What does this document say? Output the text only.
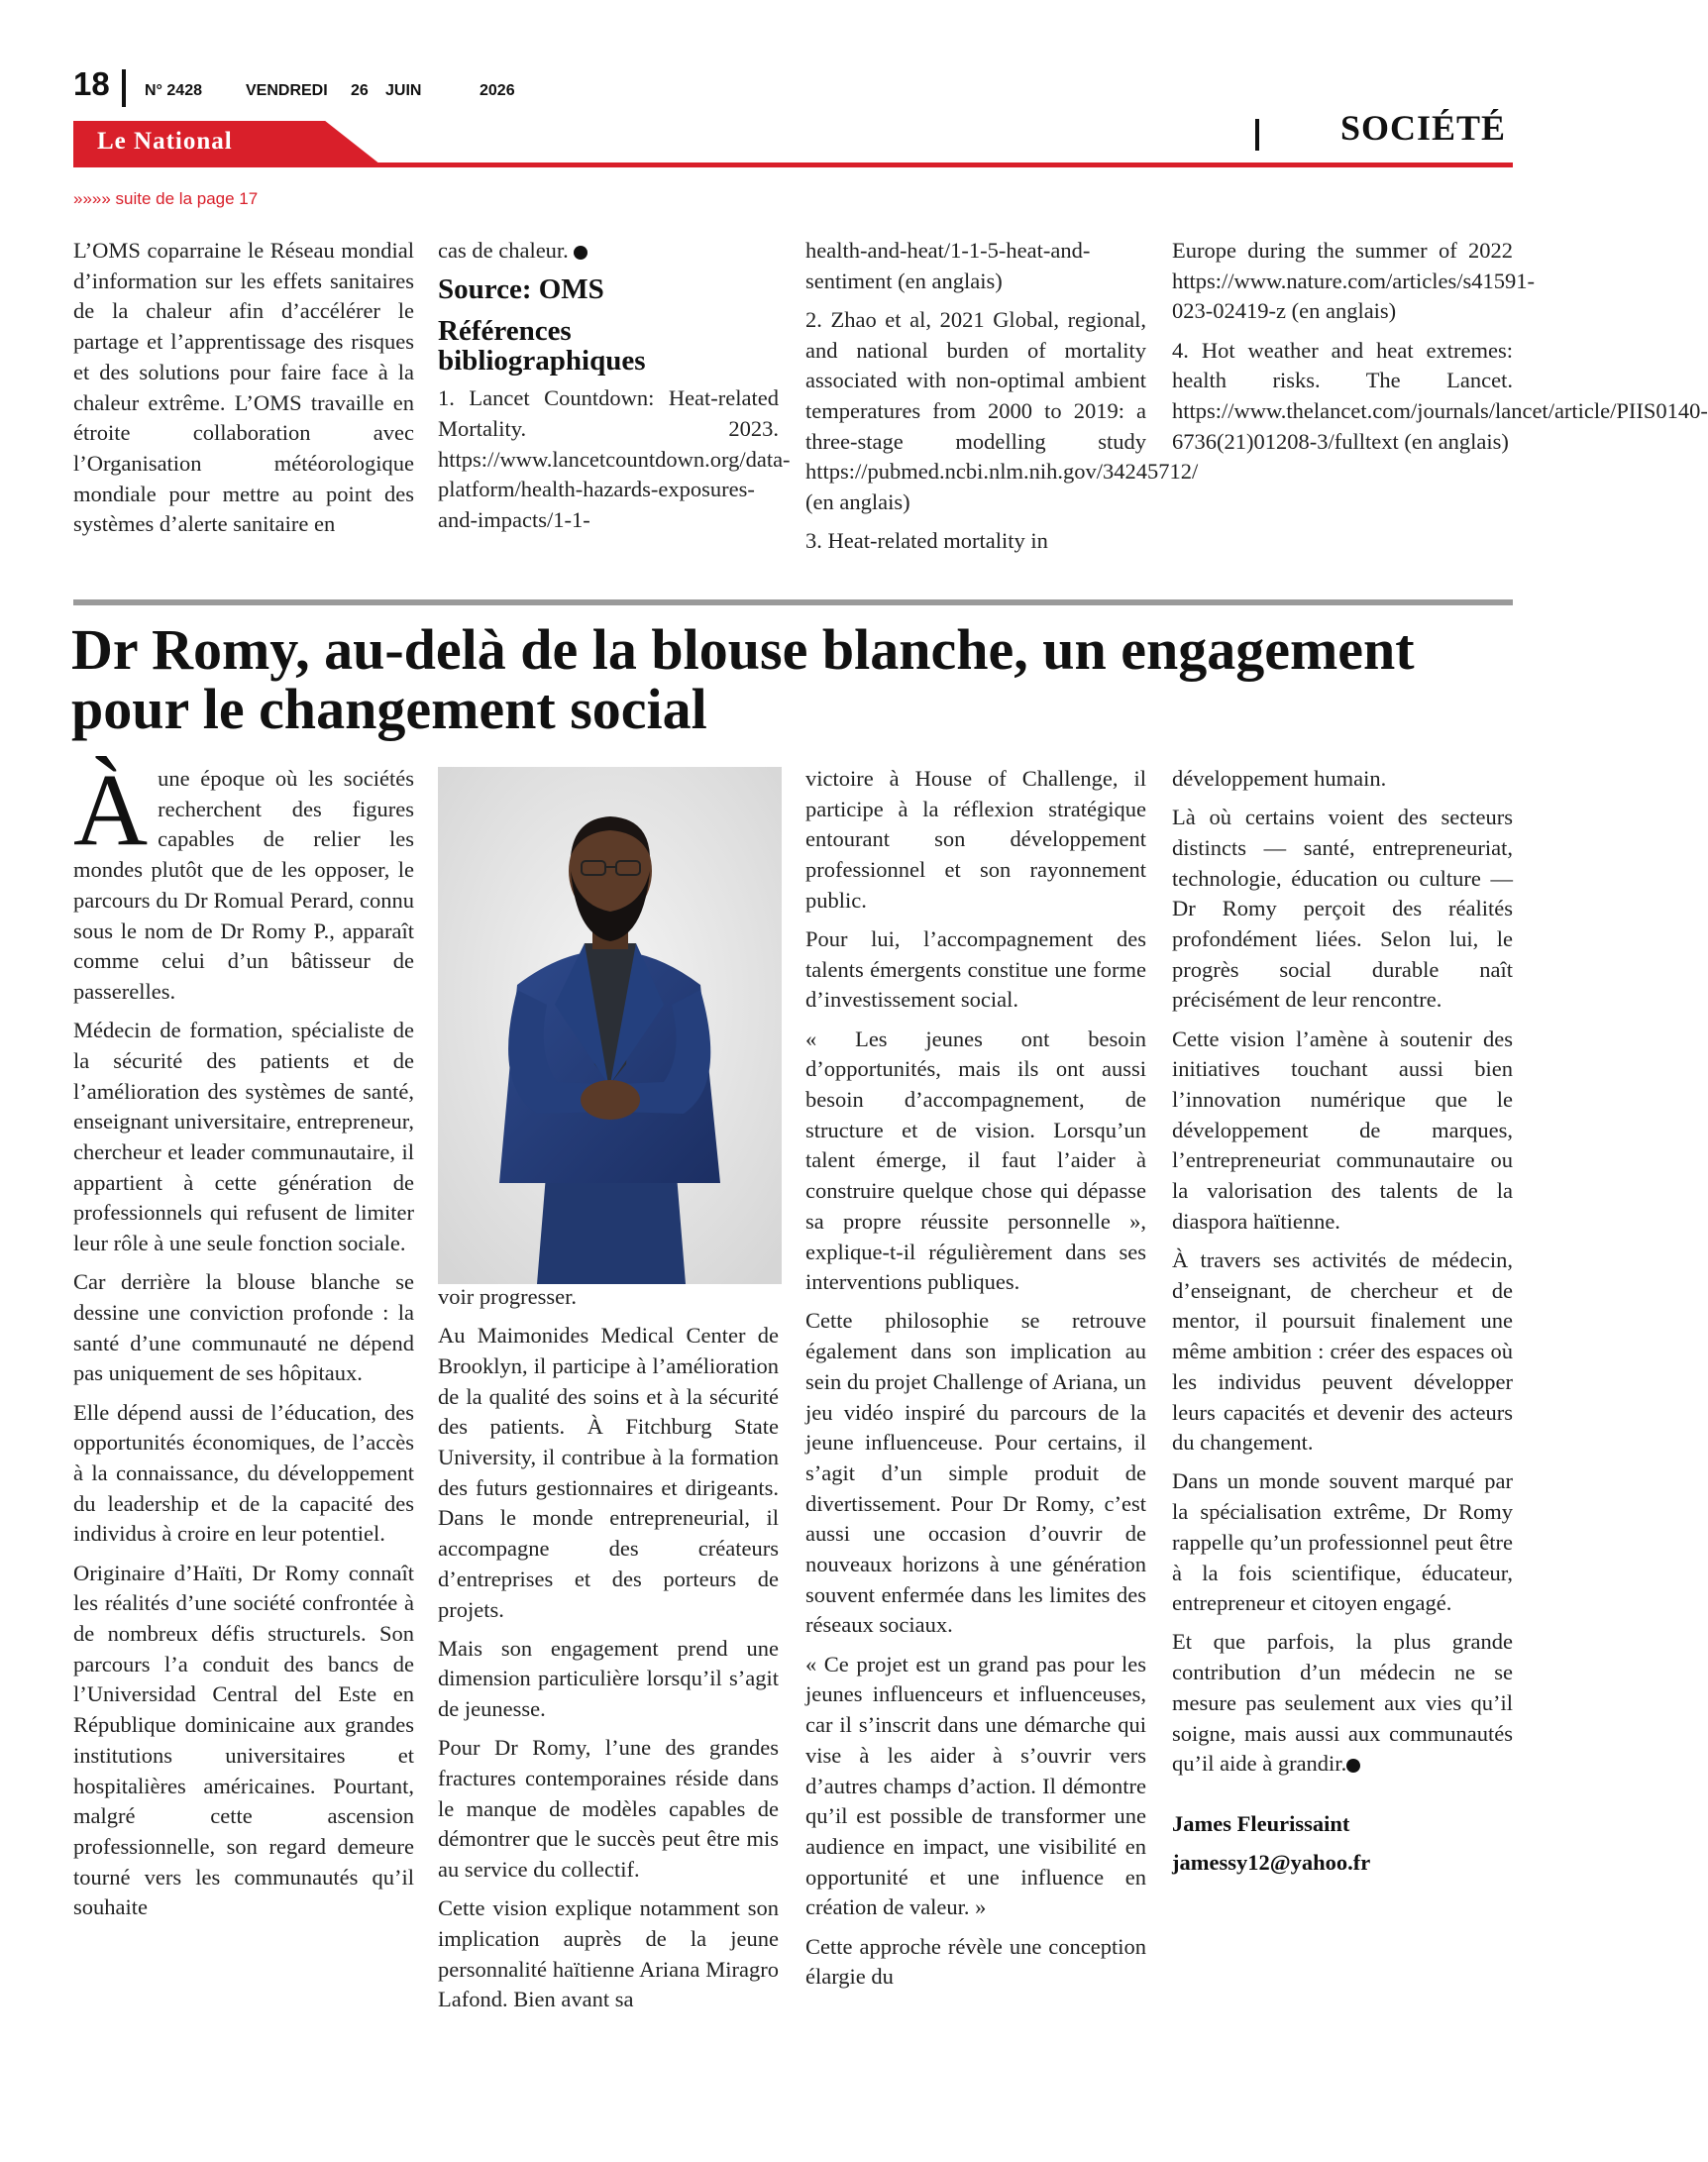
18 N° 2428	VENDREDI 26 JUIN	2026
Le National	SOCIÉTÉ
»»»» suite de la page 17

L’OMS coparraine le Réseau mondial d’information sur les effets sanitaires de la chaleur afin d’accélérer le partage et l’apprentissage des risques et des solutions pour faire face à la chaleur extrême. L’OMS travaille en étroite collaboration avec l’Organisation météorologique mondiale pour mettre au point des systèmes d’alerte sanitaire en

cas de chaleur.

Source: OMS
Références bibliographiques

1. Lancet Countdown: Heat-related Mortality. 2023. https://www.lancetcountdown.org/data-platform/health-hazards-exposures-and-impacts/1-1-

health-and-heat/1-1-5-heat-and-sentiment (en anglais)

2. Zhao et al, 2021 Global, regional, and national burden of mortality associated with non-optimal ambient temperatures from 2000 to 2019: a three-stage modelling study https://pubmed.ncbi.nlm.nih.gov/34245712/ (en anglais)

3. Heat-related mortality in

Europe during the summer of 2022 https://www.nature.com/articles/s41591-023-02419-z (en anglais)

4. Hot weather and heat extremes: health risks. The Lancet. https://www.thelancet.com/journals/lancet/article/PIIS0140-6736(21)01208-3/fulltext (en anglais)

Dr Romy, au-delà de la blouse blanche, un engagement pour le changement social

Àune époque où les sociétés recherchent des figures capables de relier les mondes plutôt que de les opposer, le parcours du Dr Romual Perard, connu sous le nom de Dr Romy P., apparaît comme celui d’un bâtisseur de passerelles.

Médecin de formation, spécialiste de la sécurité des patients et de l’amélioration des systèmes de santé, enseignant universitaire, entrepreneur, chercheur et leader communautaire, il appartient à cette génération de professionnels qui refusent de limiter leur rôle à une seule fonction sociale.

Car derrière la blouse blanche se dessine une conviction profonde : la santé d’une communauté ne dépend pas uniquement de ses hôpitaux.

Elle dépend aussi de l’éducation, des opportunités économiques, de l’accès à la connaissance, du développement du leadership et de la capacité des individus à croire en leur potentiel.

Originaire d’Haïti, Dr Romy connaît les réalités d’une société confrontée à de nombreux défis structurels. Son parcours l’a conduit des bancs de l’Universidad Central del Este en République dominicaine aux grandes institutions universitaires et hospitalières américaines. Pourtant, malgré cette ascension professionnelle, son regard demeure tourné vers les communautés qu’il souhaite

voir progresser.

Au Maimonides Medical Center de Brooklyn, il participe à l’amélioration de la qualité des soins et à la sécurité des patients. À Fitchburg State University, il contribue à la formation des futurs gestionnaires et dirigeants. Dans le monde entrepreneurial, il accompagne des créateurs d’entreprises et des porteurs de projets.

Mais son engagement prend une dimension particulière lorsqu’il s’agit de jeunesse.

Pour Dr Romy, l’une des grandes fractures contemporaines réside dans le manque de modèles capables de démontrer que le succès peut être mis au service du collectif.

Cette vision explique notamment son implication auprès de la jeune personnalité haïtienne Ariana Miragro Lafond. Bien avant sa

victoire à House of Challenge, il participe à la réflexion stratégique entourant son développement professionnel et son rayonnement public.

Pour lui, l’accompagnement des talents émergents constitue une forme d’investissement social.

« Les jeunes ont besoin d’opportunités, mais ils ont aussi besoin d’accompagnement, de structure et de vision. Lorsqu’un talent émerge, il faut l’aider à construire quelque chose qui dépasse sa propre réussite personnelle », explique-t-il régulièrement dans ses interventions publiques.

Cette philosophie se retrouve également dans son implication au sein du projet Challenge of Ariana, un jeu vidéo inspiré du parcours de la jeune influenceuse. Pour certains, il s’agit d’un simple produit de divertissement. Pour Dr Romy, c’est aussi une occasion d’ouvrir de nouveaux horizons à une génération souvent enfermée dans les limites des réseaux sociaux.

« Ce projet est un grand pas pour les jeunes influenceurs et influenceuses, car il s’inscrit dans une démarche qui vise à les aider à s’ouvrir vers d’autres champs d’action. Il démontre qu’il est possible de transformer une audience en impact, une visibilité en opportunité et une influence en création de valeur. »

Cette approche révèle une conception élargie du

développement humain.

Là où certains voient des secteurs distincts — santé, entrepreneuriat, technologie, éducation ou culture — Dr Romy perçoit des réalités profondément liées. Selon lui, le progrès social durable naît précisément de leur rencontre.

Cette vision l’amène à soutenir des initiatives touchant aussi bien l’innovation numérique que le développement de marques, l’entrepreneuriat communautaire ou la valorisation des talents de la diaspora haïtienne.

À travers ses activités de médecin, d’enseignant, de chercheur et de mentor, il poursuit finalement une même ambition : créer des espaces où les individus peuvent développer leurs capacités et devenir des acteurs du changement.

Dans un monde souvent marqué par la spécialisation extrême, Dr Romy rappelle qu’un professionnel peut être à la fois scientifique, éducateur, entrepreneur et citoyen engagé.

Et que parfois, la plus grande contribution d’un médecin ne se mesure pas seulement aux vies qu’il soigne, mais aussi aux communautés qu’il aide à grandir.

James Fleurissaint

jamessy12@yahoo.fr
